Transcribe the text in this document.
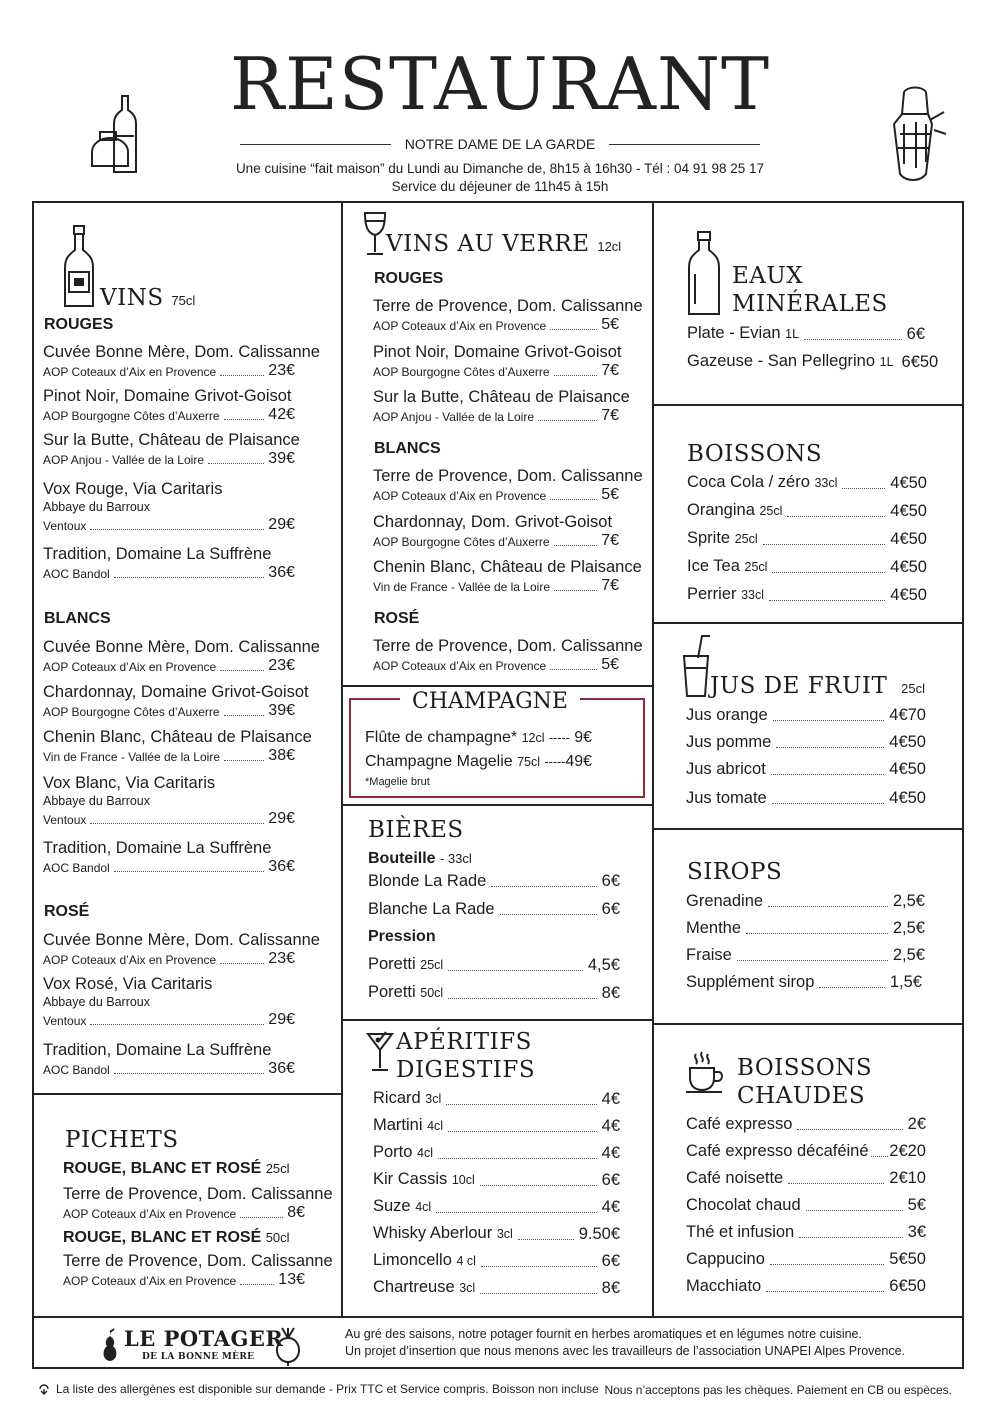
RESTAURANT
NOTRE DAME DE LA GARDE
Une cuisine “fait maison” du Lundi au Dimanche de, 8h15 à 16h30 - Tél : 04 91 98 25 17
Service du déjeuner de 11h45 à 15h
VINS 75cl
ROUGES
Cuvée Bonne Mère, Dom. Calissanne
AOP Coteaux d’Aix en Provence	23€
Pinot Noir, Domaine Grivot-Goisot
AOP Bourgogne Côtes d’Auxerre	42€
Sur la Butte, Château de Plaisance
AOP Anjou - Vallée de la Loire	39€
Vox Rouge, Via Caritaris
Abbaye du Barroux
Ventoux	29€
Tradition, Domaine La Suffrène
AOC Bandol	36€
BLANCS
Cuvée Bonne Mère, Dom. Calissanne
AOP Coteaux d’Aix en Provence	23€
Chardonnay, Domaine Grivot-Goisot
AOP Bourgogne Côtes d’Auxerre	39€
Chenin Blanc, Château de Plaisance
Vin de France - Vallée de la Loire	38€
Vox Blanc, Via Caritaris
Abbaye du Barroux
Ventoux	29€
Tradition, Domaine La Suffrène
AOC Bandol	36€
ROSÉ
Cuvée Bonne Mère, Dom. Calissanne
AOP Coteaux d’Aix en Provence	23€
Vox Rosé, Via Caritaris
Abbaye du Barroux
Ventoux	29€
Tradition, Domaine La Suffrène
AOC Bandol	36€
PICHETS
ROUGE, BLANC ET ROSÉ 25cl
Terre de Provence, Dom. Calissanne
AOP Coteaux d’Aix en Provence	8€
ROUGE, BLANC ET ROSÉ 50cl
Terre de Provence, Dom. Calissanne
AOP Coteaux d’Aix en Provence	13€
VINS AU VERRE 12cl
ROUGES
Terre de Provence, Dom. Calissanne
AOP Coteaux d’Aix en Provence	5€
Pinot Noir, Domaine Grivot-Goisot
AOP Bourgogne Côtes d’Auxerre	7€
Sur la Butte, Château de Plaisance
AOP Anjou - Vallée de la Loire	7€
BLANCS
Terre de Provence, Dom. Calissanne
AOP Coteaux d’Aix en Provence	5€
Chardonnay, Dom. Grivot-Goisot
AOP Bourgogne Côtes d’Auxerre	7€
Chenin Blanc, Château de Plaisance
Vin de France - Vallée de la Loire	7€
ROSÉ
Terre de Provence, Dom. Calissanne
AOP Coteaux d’Aix en Provence	5€
Flûte de champagne* 12cl ----- 9€
Champagne Magelie 75cl -----49€
*Magelie brut
CHAMPAGNE
BIÈRES
Bouteille - 33cl
Blonde La Rade	6€
Blanche La Rade	6€
Pression
Poretti 25cl	4,5€
Poretti 50cl	8€
APÉRITIFS
DIGESTIFS
Ricard 3cl	4€
Martini 4cl	4€
Porto 4cl	4€
Kir Cassis 10cl	6€
Suze 4cl	4€
Whisky Aberlour 3cl	9.50€
Limoncello 4 cl	6€
Chartreuse 3cl	8€
EAUX
MINÉRALES
Plate - Evian 1L	6€
Gazeuse - San Pellegrino 1L 6€50
BOISSONS
Coca Cola / zéro 33cl	4€50
Orangina 25cl	4€50
Sprite 25cl	4€50
Ice Tea 25cl	4€50
Perrier 33cl	4€50
JUS DE FRUIT 25cl
Jus orange	4€70
Jus pomme	4€50
Jus abricot	4€50
Jus tomate	4€50
SIROPS
Grenadine	2,5€
Menthe	2,5€
Fraise	2,5€
Supplément sirop	1,5€
BOISSONS
CHAUDES
Café expresso	2€
Café expresso décaféiné 2€20
Café noisette	2€10
Chocolat chaud	5€
Thé et infusion	3€
Cappucino	5€50
Macchiato	6€50
LE POTAGER
DE LA BONNE MÈRE
Au gré des saisons, notre potager fournit en herbes aromatiques et en légumes notre cuisine.
Un projet d’insertion que nous menons avec les travailleurs de l’association UNAPEI Alpes Provence.
La liste des allergènes est disponible sur demande - Prix TTC et Service compris. Boisson non incluse Nous n’acceptons pas les chèques. Paiement en CB ou espèces.
